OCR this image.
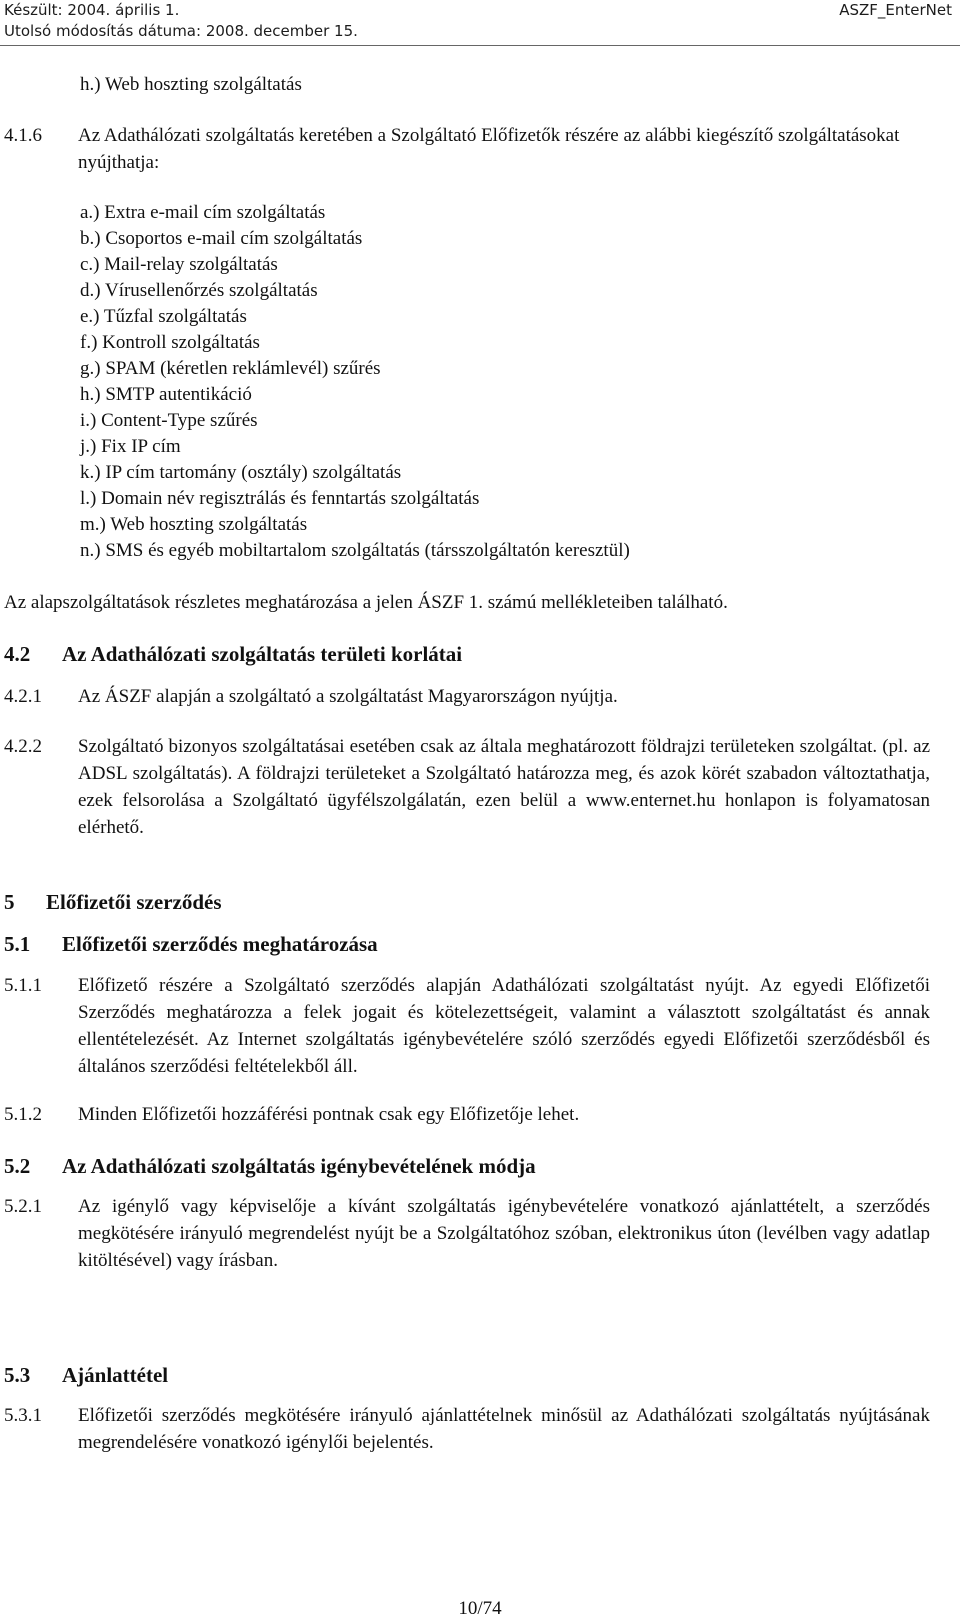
Készült: 2004. április 1.
Utolsó módosítás dátuma: 2008. december 15.
ASZF_EnterNet
h.) Web hoszting szolgáltatás
4.1.6 Az Adathálózati szolgáltatás keretében a Szolgáltató Előfizetők részére az alábbi kiegészítő szolgáltatásokat nyújthatja:
a.) Extra e-mail cím szolgáltatás
b.) Csoportos e-mail cím szolgáltatás
c.) Mail-relay szolgáltatás
d.) Vírusellenőrzés szolgáltatás
e.) Tűzfal szolgáltatás
f.) Kontroll szolgáltatás
g.) SPAM (kéretlen reklámlevél) szűrés
h.) SMTP autentikáció
i.) Content-Type szűrés
j.) Fix IP cím
k.) IP cím tartomány (osztály) szolgáltatás
l.) Domain név regisztrálás és fenntartás szolgáltatás
m.) Web hoszting szolgáltatás
n.) SMS és egyéb mobiltartalom szolgáltatás (társszolgáltatón keresztül)
Az alapszolgáltatások részletes meghatározása a jelen ÁSZF 1. számú mellékleteiben található.
4.2 Az Adathálózati szolgáltatás területi korlátai
4.2.1 Az ÁSZF alapján a szolgáltató a szolgáltatást Magyarországon nyújtja.
4.2.2 Szolgáltató bizonyos szolgáltatásai esetében csak az általa meghatározott földrajzi területeken szolgáltat. (pl. az ADSL szolgáltatás). A földrajzi területeket a Szolgáltató határozza meg, és azok körét szabadon változtathatja, ezek felsorolása a Szolgáltató ügyfélszolgálatán, ezen belül a www.enternet.hu honlapon is folyamatosan elérhető.
5 Előfizetői szerződés
5.1 Előfizetői szerződés meghatározása
5.1.1 Előfizető részére a Szolgáltató szerződés alapján Adathálózati szolgáltatást nyújt. Az egyedi Előfizetői Szerződés meghatározza a felek jogait és kötelezettségeit, valamint a választott szolgáltatást és annak ellentételezését. Az Internet szolgáltatás igénybevételére szóló szerződés egyedi Előfizetői szerződésből és általános szerződési feltételekből áll.
5.1.2 Minden Előfizetői hozzáférési pontnak csak egy Előfizetője lehet.
5.2 Az Adathálózati szolgáltatás igénybevételének módja
5.2.1 Az igénylő vagy képviselője a kívánt szolgáltatás igénybevételére vonatkozó ajánlattételt, a szerződés megkötésére irányuló megrendelést nyújt be a Szolgáltatóhoz szóban, elektronikus úton (levélben vagy adatlap kitöltésével) vagy írásban.
5.3 Ajánlattétel
5.3.1 Előfizetői szerződés megkötésére irányuló ajánlattételnek minősül az Adathálózati szolgáltatás nyújtásának megrendelésére vonatkozó igénylői bejelentés.
10/74
